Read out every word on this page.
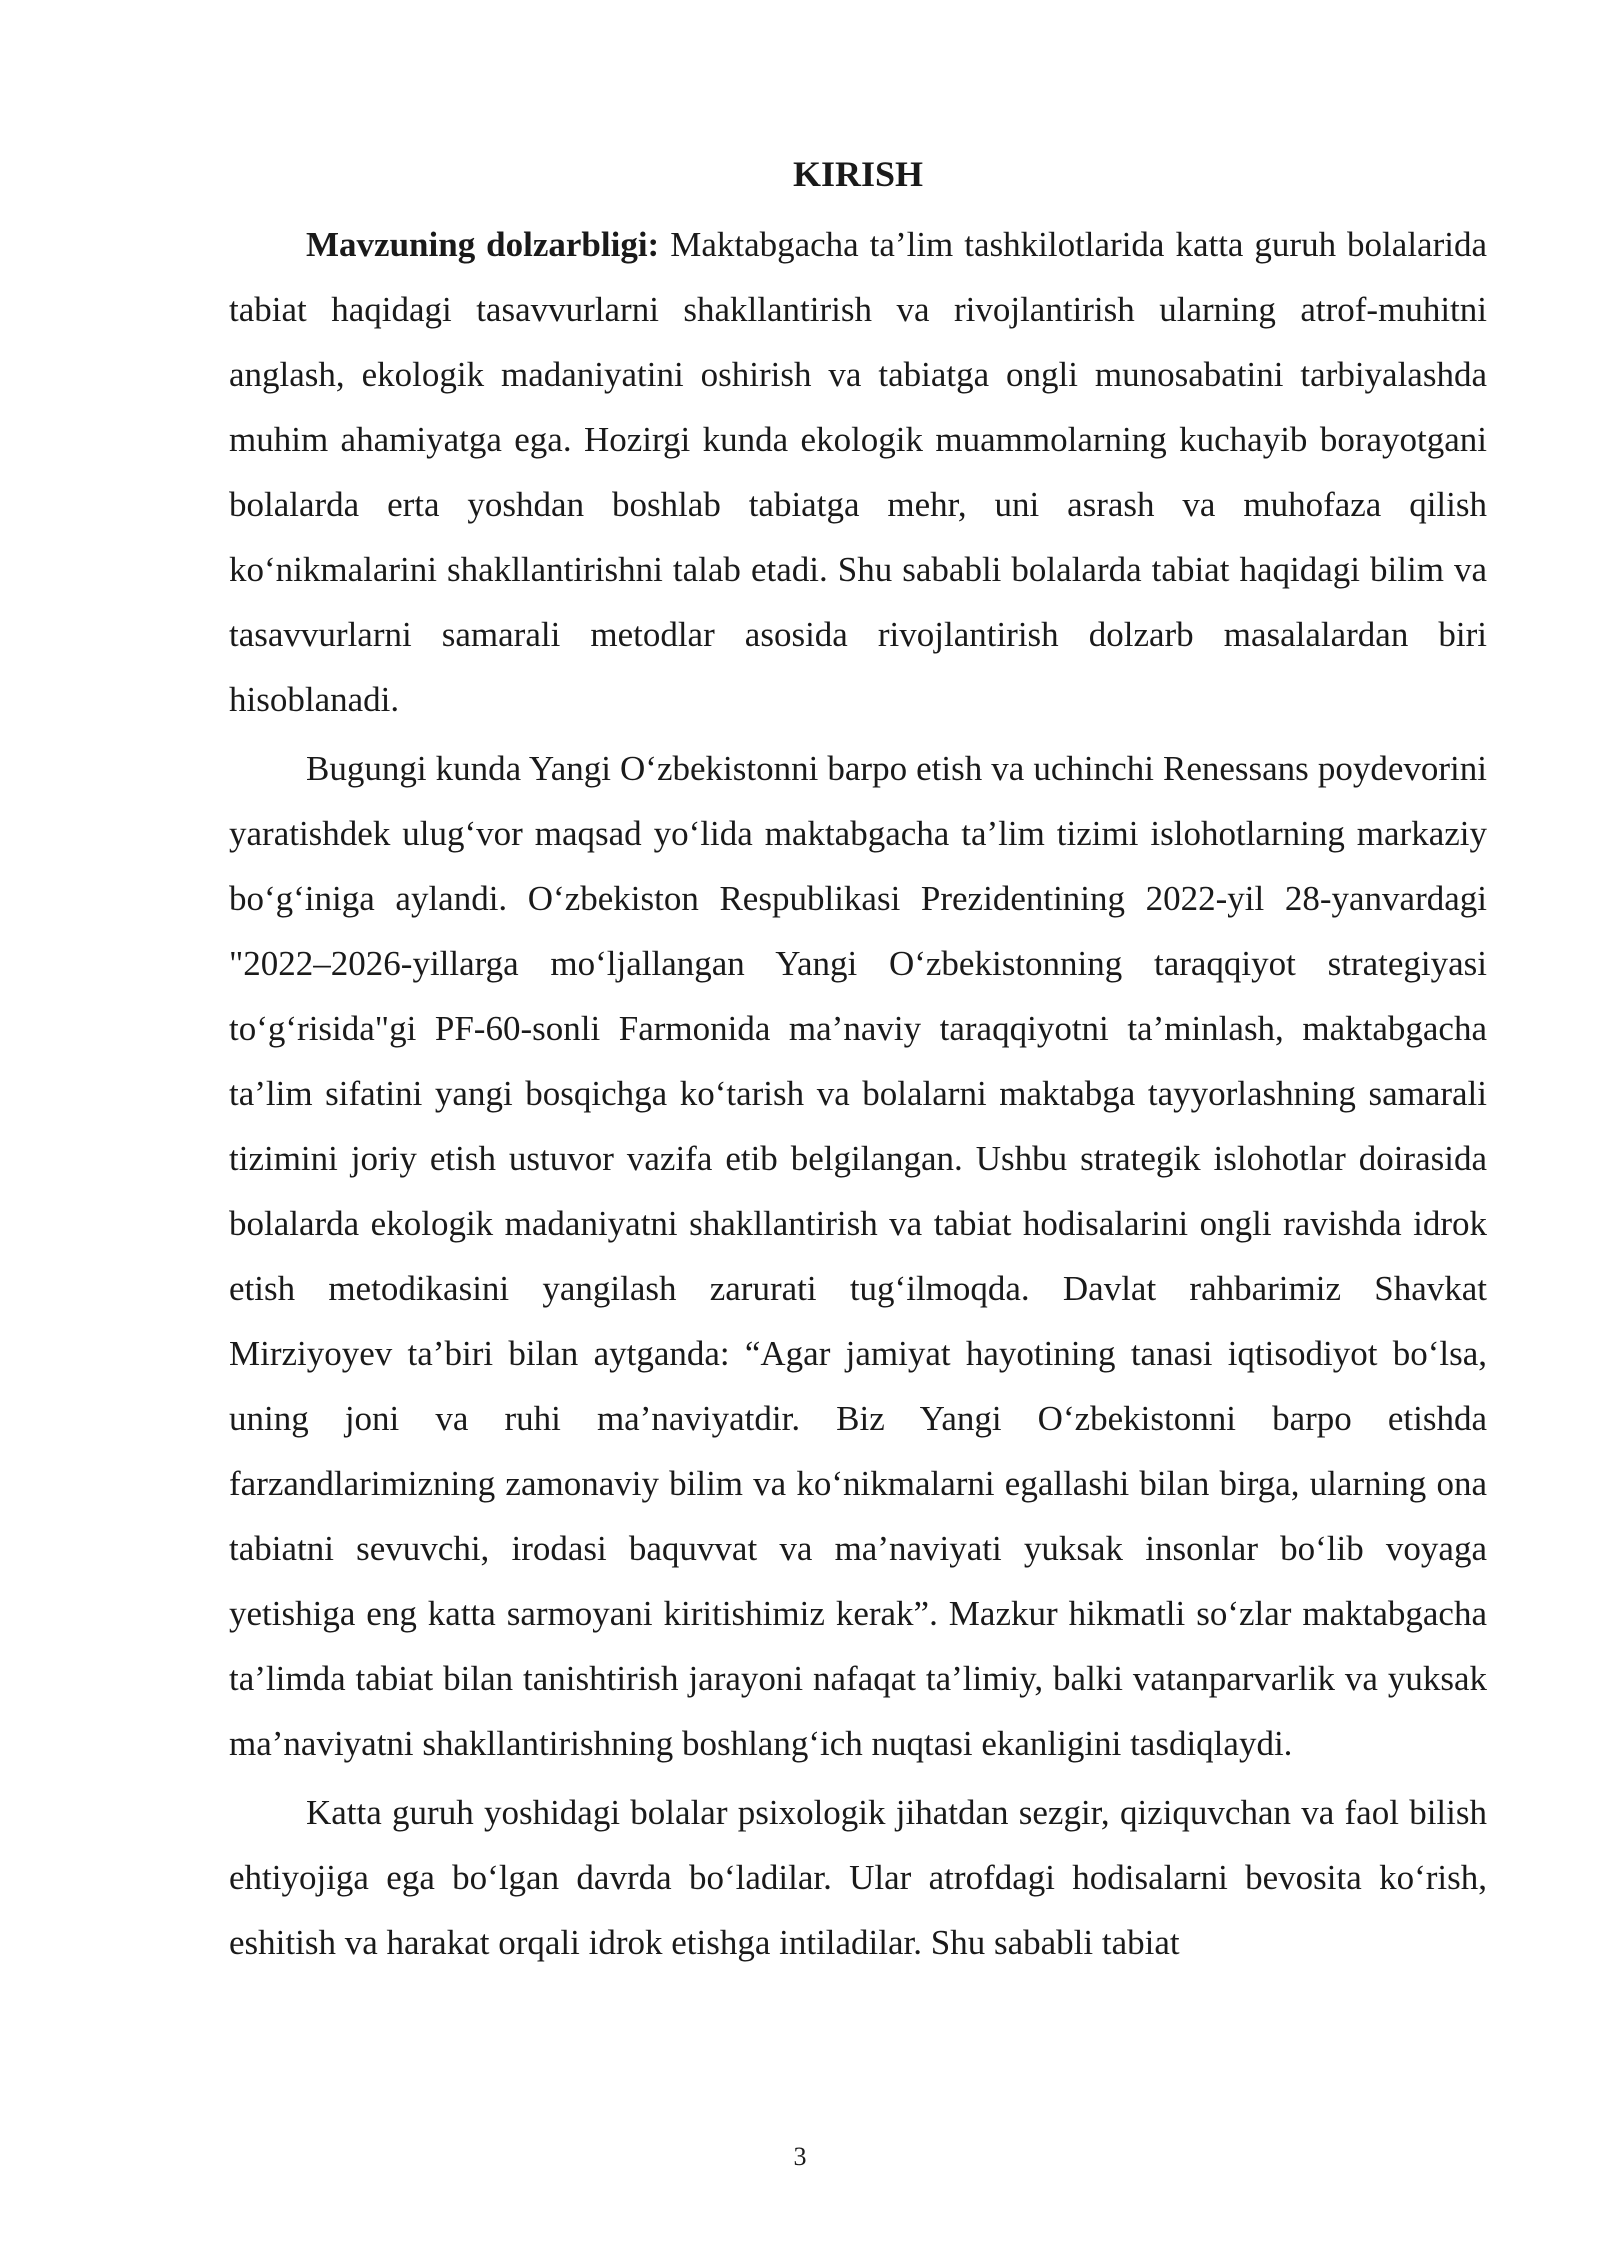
KIRISH

Mavzuning dolzarbligi: Maktabgacha ta’lim tashkilotlarida katta guruh bolalarida tabiat haqidagi tasavvurlarni shakllantirish va rivojlantirish ularning atrof-muhitni anglash, ekologik madaniyatini oshirish va tabiatga ongli munosabatini tarbiyalashda muhim ahamiyatga ega. Hozirgi kunda ekologik muammolarning kuchayib borayotgani bolalarda erta yoshdan boshlab tabiatga mehr, uni asrash va muhofaza qilish ko‘nikmalarini shakllantirishni talab etadi. Shu sababli bolalarda tabiat haqidagi bilim va tasavvurlarni samarali metodlar asosida rivojlantirish dolzarb masalalardan biri hisoblanadi.

Bugungi kunda Yangi O‘zbekistonni barpo etish va uchinchi Renessans poydevorini yaratishdek ulug‘vor maqsad yo‘lida maktabgacha ta’lim tizimi islohotlarning markaziy bo‘g‘iniga aylandi. O‘zbekiston Respublikasi Prezidentining 2022-yil 28-yanvardagi "2022–2026-yillarga mo‘ljallangan Yangi O‘zbekistonning taraqqiyot strategiyasi to‘g‘risida"gi PF-60-sonli Farmonida ma’naviy taraqqiyotni ta’minlash, maktabgacha ta’lim sifatini yangi bosqichga ko‘tarish va bolalarni maktabga tayyorlashning samarali tizimini joriy etish ustuvor vazifa etib belgilangan. Ushbu strategik islohotlar doirasida bolalarda ekologik madaniyatni shakllantirish va tabiat hodisalarini ongli ravishda idrok etish metodikasini yangilash zarurati tug‘ilmoqda. Davlat rahbarimiz Shavkat Mirziyoyev ta’biri bilan aytganda: “Agar jamiyat hayotining tanasi iqtisodiyot bo‘lsa, uning joni va ruhi ma’naviyatdir. Biz Yangi O‘zbekistonni barpo etishda farzandlarimizning zamonaviy bilim va ko‘nikmalarni egallashi bilan birga, ularning ona tabiatni sevuvchi, irodasi baquvvat va ma’naviyati yuksak insonlar bo‘lib voyaga yetishiga eng katta sarmoyani kiritishimiz kerak”. Mazkur hikmatli so‘zlar maktabgacha ta’limda tabiat bilan tanishtirish jarayoni nafaqat ta’limiy, balki vatanparvarlik va yuksak ma’naviyatni shakllantirishning boshlang‘ich nuqtasi ekanligini tasdiqlaydi.

Katta guruh yoshidagi bolalar psixologik jihatdan sezgir, qiziquvchan va faol bilish ehtiyojiga ega bo‘lgan davrda bo‘ladilar. Ular atrofdagi hodisalarni bevosita ko‘rish, eshitish va harakat orqali idrok etishga intiladilar. Shu sababli tabiat

3
